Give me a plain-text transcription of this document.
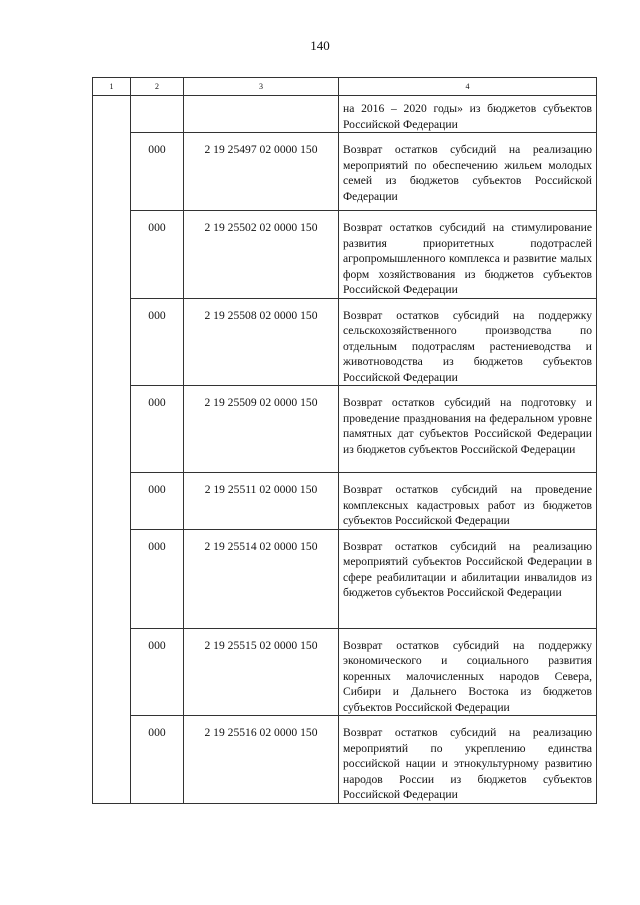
140
1	2	3	4
			на 2016 – 2020 годы» из бюджетов субъектов Российской Федерации
	000	2 19 25497 02 0000 150	Возврат остатков субсидий на реализацию мероприятий по обеспечению жильем молодых семей из бюджетов субъектов Российской Федерации
	000	2 19 25502 02 0000 150	Возврат остатков субсидий на стимулирование развития приоритетных подотраслей агропромышленного комплекса и развитие малых форм хозяйствования из бюджетов субъектов Российской Федерации
	000	2 19 25508 02 0000 150	Возврат остатков субсидий на поддержку сельскохозяйственного производства по отдельным подотраслям растениеводства и животноводства из бюджетов субъектов Российской Федерации
	000	2 19 25509 02 0000 150	Возврат остатков субсидий на подготовку и проведение празднования на федеральном уровне памятных дат субъектов Российской Федерации из бюджетов субъектов Российской Федерации
	000	2 19 25511 02 0000 150	Возврат остатков субсидий на проведение комплексных кадастровых работ из бюджетов субъектов Российской Федерации
	000	2 19 25514 02 0000 150	Возврат остатков субсидий на реализацию мероприятий субъектов Российской Федерации в сфере реабилитации и абилитации инвалидов из бюджетов субъектов Российской Федерации
	000	2 19 25515 02 0000 150	Возврат остатков субсидий на поддержку экономического и социального развития коренных малочисленных народов Севера, Сибири и Дальнего Востока из бюджетов субъектов Российской Федерации
	000	2 19 25516 02 0000 150	Возврат остатков субсидий на реализацию мероприятий по укреплению единства российской нации и этнокультурному развитию народов России из бюджетов субъектов Российской Федерации
